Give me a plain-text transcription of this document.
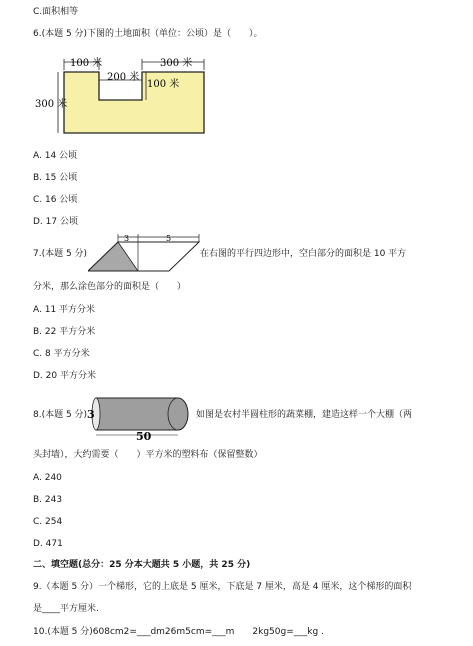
C.面积相等
6.(本题 5 分)下图的土地面积（单位：公顷）是（　　）。
100 米
200 米
300 米
100 米
300 米
A. 14 公顷
B. 15 公顷
C. 16 公顷
D. 17 公顷
7.(本题 5 分)
3	5
在右图的平行四边形中，空白部分的面积是 10 平方
分米，那么涂色部分的面积是（　　）
A. 11 平方分米
B. 22 平方分米
C. 8 平方分米
D. 20 平方分米
8.(本题 5 分) 3
50
如图是农村半圆柱形的蔬菜棚，建造这样一个大棚（两
头封墙），大约需要（　　）平方米的塑料布（保留整数）
A. 240
B. 243
C. 254
D. 471
二、填空题(总分：25 分本大题共 5 小题，共 25 分)
9.（本题 5 分）一个梯形，它的上底是 5 厘米，下底是 7 厘米，高是 4 厘米，这个梯形的面积
是____平方厘米.
10.(本题 5 分)608cm2=___dm26m5cm=___m　　2kg50g=___kg .
